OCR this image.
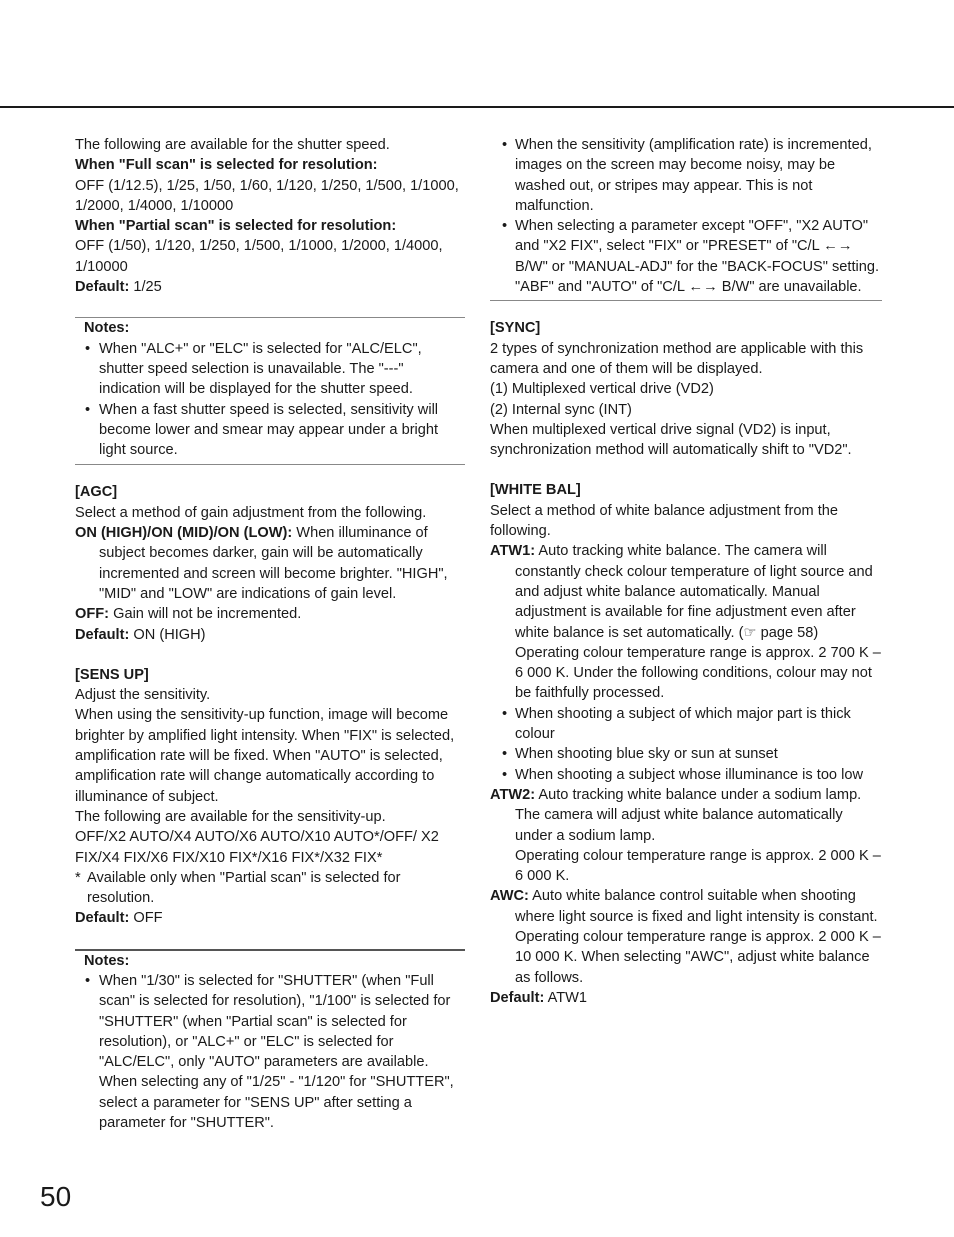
The following are available for the shutter speed.

When "Full scan" is selected for resolution:

OFF (1/12.5), 1/25, 1/50, 1/60, 1/120, 1/250, 1/500, 1/1000, 1/2000, 1/4000, 1/10000

When "Partial scan" is selected for resolution:

OFF (1/50), 1/120, 1/250, 1/500, 1/1000, 1/2000, 1/4000, 1/10000

Default: 1/25

Notes:

• When "ALC+" or "ELC" is selected for "ALC/ELC", shutter speed selection is unavailable. The "---" indication will be displayed for the shutter speed.
• When a fast shutter speed is selected, sensitivity will become lower and smear may appear under a bright light source.

[AGC]

Select a method of gain adjustment from the following.

ON (HIGH)/ON (MID)/ON (LOW): When illuminance of subject becomes darker, gain will be automatically incremented and screen will become brighter. "HIGH", "MID" and "LOW" are indications of gain level.

OFF: Gain will not be incremented.

Default: ON (HIGH)

[SENS UP]

Adjust the sensitivity.

When using the sensitivity-up function, image will become brighter by amplified light intensity. When "FIX" is selected, amplification rate will be fixed. When "AUTO" is selected, amplification rate will change automatically according to illuminance of subject.

The following are available for the sensitivity-up.

OFF/X2 AUTO/X4 AUTO/X6 AUTO/X10 AUTO*/OFF/ X2 FIX/X4 FIX/X6 FIX/X10 FIX*/X16 FIX*/X32 FIX*

* Available only when "Partial scan" is selected for resolution.

Default: OFF

Notes:

• When "1/30" is selected for "SHUTTER" (when "Full scan" is selected for resolution), "1/100" is selected for "SHUTTER" (when "Partial scan" is selected for resolution), or "ALC+" or "ELC" is selected for "ALC/ELC", only "AUTO" parameters are available. When selecting any of "1/25" - "1/120" for "SHUTTER", select a parameter for "SENS UP" after setting a parameter for "SHUTTER".
• When the sensitivity (amplification rate) is incremented, images on the screen may become noisy, may be washed out, or stripes may appear. This is not malfunction.
• When selecting a parameter except "OFF", "X2 AUTO" and "X2 FIX", select "FIX" or "PRESET" of "C/L ←→ B/W" or "MANUAL-ADJ" for the "BACK-FOCUS" setting. "ABF" and "AUTO" of "C/L ←→ B/W" are unavailable.

[SYNC]

2 types of synchronization method are applicable with this camera and one of them will be displayed.

(1) Multiplexed vertical drive (VD2)

(2) Internal sync (INT)

When multiplexed vertical drive signal (VD2) is input, synchronization method will automatically shift to "VD2".

[WHITE BAL]

Select a method of white balance adjustment from the following.

ATW1: Auto tracking white balance. The camera will constantly check colour temperature of light source and and adjust white balance automatically. Manual adjustment is available for fine adjustment even after white balance is set automatically. (☞ page 58)

Operating colour temperature range is approx. 2 700 K – 6 000 K. Under the following conditions, colour may not be faithfully processed.

• When shooting a subject of which major part is thick colour
• When shooting blue sky or sun at sunset
• When shooting a subject whose illuminance is too low

ATW2: Auto tracking white balance under a sodium lamp. The camera will adjust white balance automatically under a sodium lamp.

Operating colour temperature range is approx. 2 000 K – 6 000 K.

AWC: Auto white balance control suitable when shooting where light source is fixed and light intensity is constant. Operating colour temperature range is approx. 2 000 K – 10 000 K. When selecting "AWC", adjust white balance as follows.

Default: ATW1

50
